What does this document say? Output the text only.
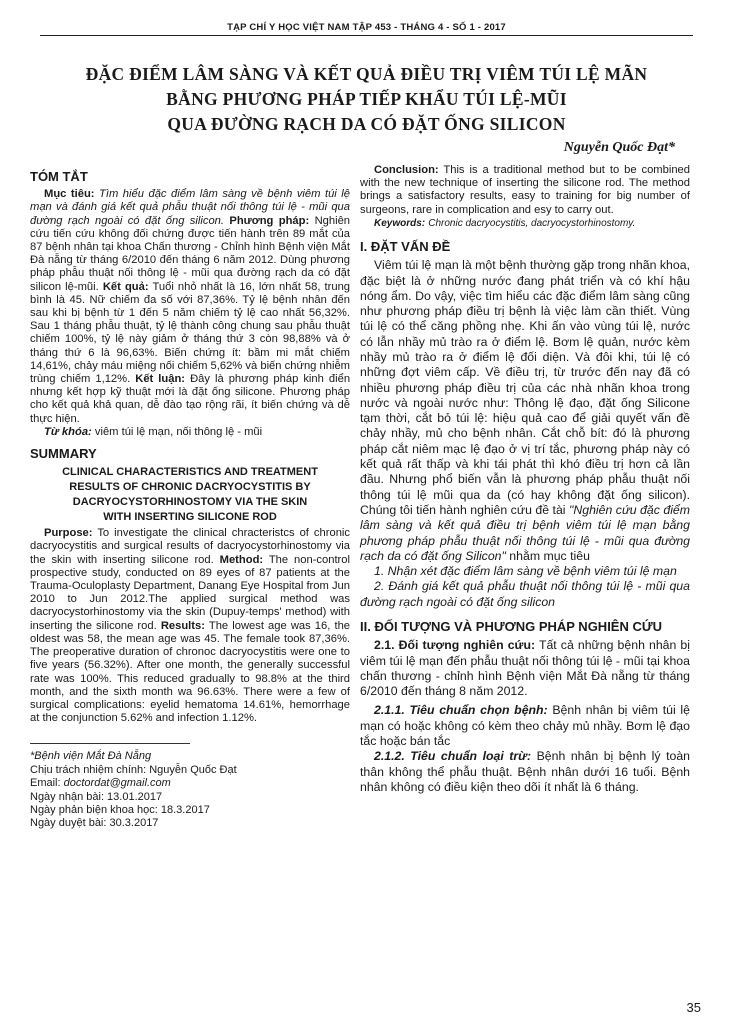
TẠP CHÍ Y HỌC VIỆT NAM TẬP 453 - THÁNG 4 - SỐ 1 - 2017
ĐẶC ĐIỂM LÂM SÀNG VÀ KẾT QUẢ ĐIỀU TRỊ VIÊM TÚI LỆ MÃN
BẰNG PHƯƠNG PHÁP TIẾP KHẨU TÚI LỆ-MŨI
QUA ĐƯỜNG RẠCH DA CÓ ĐẶT ỐNG SILICON
Nguyễn Quốc Đạt*
TÓM TẮT

Mục tiêu: Tìm hiểu đặc điểm lâm sàng về bệnh viêm túi lệ mạn và đánh giá kết quả phẫu thuật nối thông túi lệ - mũi qua đường rạch ngoài có đặt ống silicon. Phương pháp: Nghiên cứu tiến cứu không đối chứng được tiến hành trên 89 mắt của 87 bệnh nhân tại khoa Chấn thương - Chỉnh hình Bệnh viện Mắt Đà nẵng từ tháng 6/2010 đến tháng 6 năm 2012. Dùng phương pháp phẫu thuật nối thông lệ - mũi qua đường rạch da có đặt silicon lệ-mũi. Kết quả: Tuổi nhỏ nhất là 16, lớn nhất 58, trung bình là 45. Nữ chiếm đa số với 87,36%. Tỷ lệ bệnh nhân đến sau khi bị bệnh từ 1 đến 5 năm chiếm tỷ lệ cao nhất 56,32%. Sau 1 tháng phẫu thuật, tỷ lệ thành công chung sau phẫu thuật chiếm 100%, tỷ lệ này giảm ở tháng thứ 3 còn 98,88% và ở tháng thứ 6 là 96,63%. Biến chứng ít: bầm mi mắt chiếm 14,61%, chảy máu miệng nối chiếm 5,62% và biến chứng nhiễm trùng chiếm 1,12%. Kết luận: Đây là phương pháp kinh điển nhưng kết hợp kỹ thuật mới là đặt ống silicone. Phương pháp cho kết quả khả quan, dễ đào tạo rộng rãi, ít biến chứng và dễ thực hiện.

Từ khóa: viêm túi lệ mạn, nối thông lệ - mũi

SUMMARY
CLINICAL CHARACTERISTICS AND TREATMENT
RESULTS OF CHRONIC DACRYOCYSTITIS BY
DACRYOCYSTORHINOSTOMY VIA THE SKIN
WITH INSERTING SILICONE ROD

Purpose: To investigate the clinical chracteristcs of chronic dacryocystitis and surgical results of dacryocystorhinostomy via the skin with inserting silicone rod. Method: The non-control prospective study, conducted on 89 eyes of 87 patients at the Trauma-Oculoplasty Department, Danang Eye Hospital from Jun 2010 to Jun 2012.The applied surgical method was dacryocystorhinostomy via the skin (Dupuy-temps' method) with inserting the silicone rod. Results: The lowest age was 16, the oldest was 58, the mean age was 45. The female took 87,36%. The preoperative duration of chronoc dacryocystitis were one to five years (56.32%). After one month, the generally successful rate was 100%. This reduced gradually to 98.8% at the third month, and the sixth month wa 96.63%. There were a few of surgical complications: eyelid hematoma 14.61%, hemorrhage at the conjunction 5.62% and infection 1.12%.

*Bệnh viện Mắt Đà Nẵng

Chịu trách nhiệm chính: Nguyễn Quốc Đạt

Email: doctordat@gmail.com

Ngày nhận bài: 13.01.2017

Ngày phản biện khoa học: 18.3.2017

Ngày duyệt bài: 30.3.2017

Conclusion: This is a traditional method but to be combined with the new technique of inserting the silicone rod. The method brings a satisfactory results, easy to training for big number of surgeons, rare in complication and esy to carry out.

Keywords: Chronic dacryocystitis, dacryocystorhinostomy.

I. ĐẶT VẤN ĐỀ

Viêm túi lệ mạn là một bệnh thường gặp trong nhãn khoa, đặc biệt là ở những nước đang phát triển và có khí hậu nóng ẩm. Do vậy, việc tìm hiểu các đặc điểm lâm sàng cũng như phương pháp điều trị bệnh là việc làm cần thiết. Vùng túi lệ có thể căng phồng nhẹ. Khi ấn vào vùng túi lệ, nước có lẫn nhầy mủ trào ra ở điểm lệ. Bơm lệ quản, nước kèm nhầy mủ trào ra ở điểm lệ đối diện. Và đôi khi, túi lệ có những đợt viêm cấp. Về điều trị, từ trước đến nay đã có nhiều phương pháp điều trị của các nhà nhãn khoa trong nước và ngoài nước như: Thông lệ đạo, đặt ống Silicone tạm thời, cắt bỏ túi lệ: hiệu quả cao để giải quyết vấn đề chảy nhầy, mủ cho bệnh nhân. Cắt chỗ bít: đó là phương pháp cắt niêm mạc lệ đạo ở vị trí tắc, phương pháp này có kết quả rất thấp và khi tái phát thì khó điều trị hơn cả lần đầu. Nhưng phổ biến vẫn là phương pháp phẫu thuật nối thông túi lệ mũi qua da (có hay không đặt ống silicon). Chúng tôi tiến hành nghiên cứu đề tài "Nghiên cứu đặc điểm lâm sàng và kết quả điều trị bệnh viêm túi lệ mạn bằng phương pháp phẫu thuật nối thông túi lệ - mũi qua đường rạch da có đặt ống Silicon" nhằm mục tiêu

1. Nhận xét đặc điểm lâm sàng về bệnh viêm túi lệ mạn

2. Đánh giá kết quả phẫu thuật nối thông túi lệ - mũi qua đường rạch ngoài có đặt ống silicon

II. ĐỐI TƯỢNG VÀ PHƯƠNG PHÁP NGHIÊN CỨU

2.1. Đối tượng nghiên cứu: Tất cả những bệnh nhân bị viêm túi lệ mạn đến phẫu thuật nối thông túi lệ - mũi tại khoa chấn thương - chỉnh hình Bệnh viện Mắt Đà nẵng từ tháng 6/2010 đến tháng 8 năm 2012.

2.1.1. Tiêu chuẩn chọn bệnh: Bệnh nhân bị viêm túi lệ mạn có hoặc không có kèm theo chảy mủ nhầy. Bơm lệ đạo tắc hoặc bán tắc

2.1.2. Tiêu chuẩn loại trừ: Bệnh nhân bị bệnh lý toàn thân không thể phẫu thuật. Bệnh nhân dưới 16 tuổi. Bệnh nhân không có điều kiện theo dõi ít nhất là 6 tháng.

35
